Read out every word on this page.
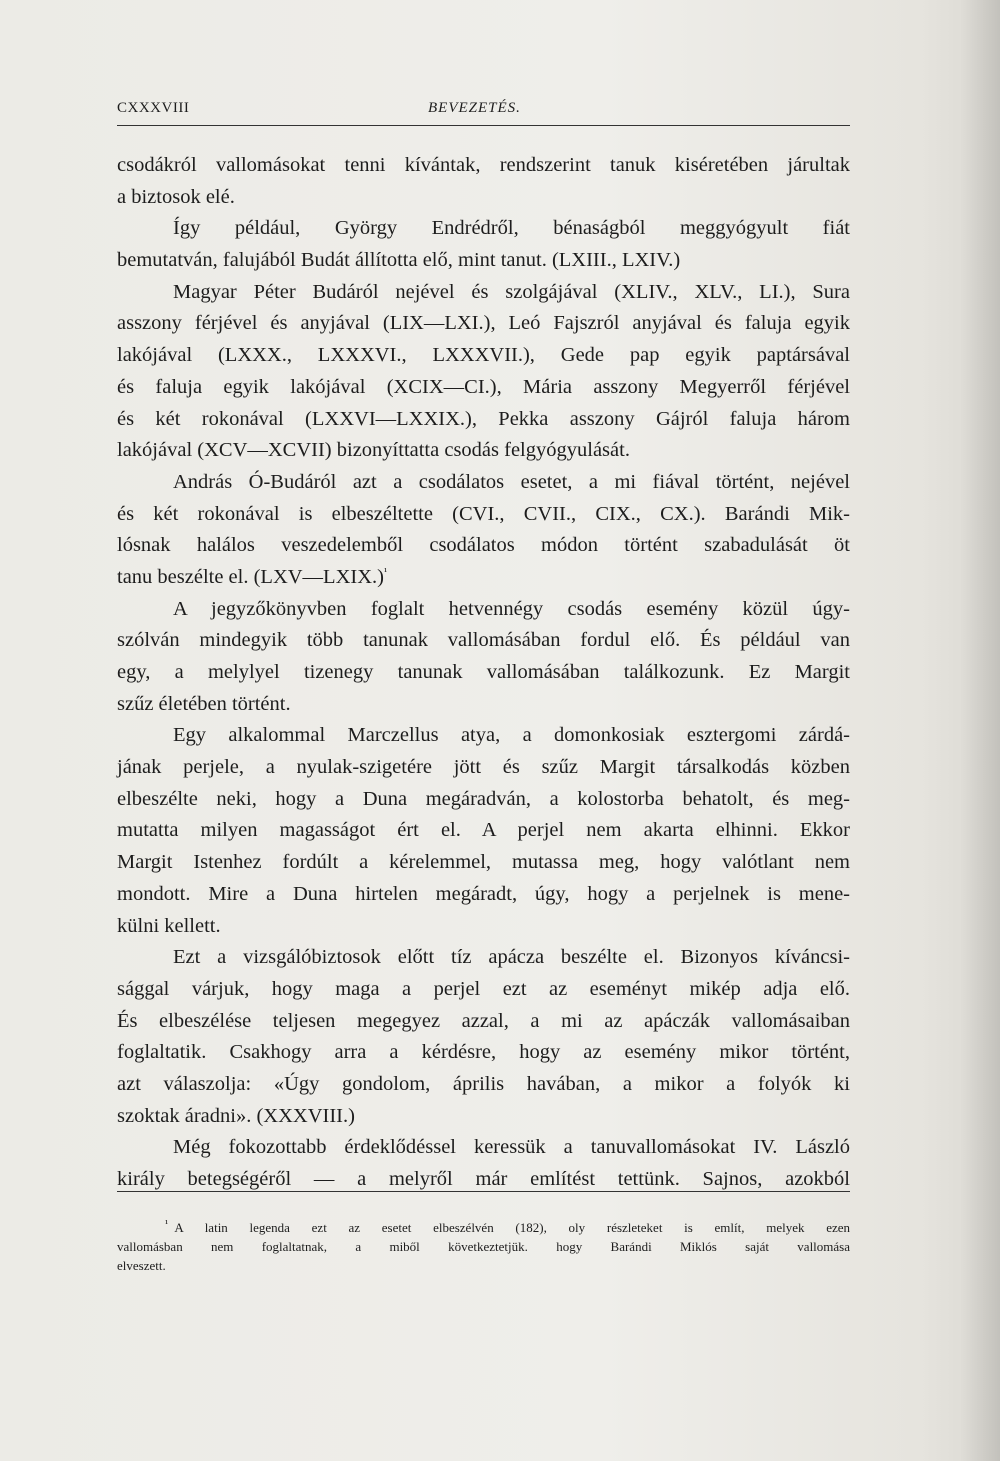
CXXXVIII	BEVEZETÉS.
csodákról vallomásokat tenni kívántak, rendszerint tanuk kiséretében járultak
a biztosok elé.
Így például, György Endrédről, bénaságból meggyógyult fiát
bemutatván, falujából Budát állította elő, mint tanut. (LXIII., LXIV.)
Magyar Péter Budáról nejével és szolgájával (XLIV., XLV., LI.), Sura
asszony férjével és anyjával (LIX—LXI.), Leó Fajszról anyjával és faluja egyik
lakójával (LXXX., LXXXVI., LXXXVII.), Gede pap egyik paptársával
és faluja egyik lakójával (XCIX—CI.), Mária asszony Megyerről férjével
és két rokonával (LXXVI—LXXIX.), Pekka asszony Gájról faluja három
lakójával (XCV—XCVII) bizonyíttatta csodás felgyógyulását.
András Ó-Budáról azt a csodálatos esetet, a mi fiával történt, nejével
és két rokonával is elbeszéltette (CVI., CVII., CIX., CX.). Barándi Mik-
lósnak halálos veszedelemből csodálatos módon történt szabadulását öt
tanu beszélte el. (LXV—LXIX.)$^{^1}$
A jegyzőkönyvben foglalt hetvennégy csodás esemény közül úgy-
szólván mindegyik több tanunak vallomásában fordul elő. És például van
egy, a melylyel tizenegy tanunak vallomásában találkozunk. Ez Margit
szűz életében történt.
Egy alkalommal Marczellus atya, a domonkosiak esztergomi zárdá-
jának perjele, a nyulak-szigetére jött és szűz Margit társalkodás közben
elbeszélte neki, hogy a Duna megáradván, a kolostorba behatolt, és meg-
mutatta milyen magasságot ért el. A perjel nem akarta elhinni. Ekkor
Margit Istenhez fordúlt a kérelemmel, mutassa meg, hogy valótlant nem
mondott. Mire a Duna hirtelen megáradt, úgy, hogy a perjelnek is mene-
külni kellett.
Ezt a vizsgálóbiztosok előtt tíz apácza beszélte el. Bizonyos kíváncsi-
sággal várjuk, hogy maga a perjel ezt az eseményt mikép adja elő.
És elbeszélése teljesen megegyez azzal, a mi az apáczák vallomásaiban
foglaltatik. Csakhogy arra a kérdésre, hogy az esemény mikor történt,
azt válaszolja: «Úgy gondolom, április havában, a mikor a folyók ki
szoktak áradni». (XXXVIII.)
Még fokozottabb érdeklődéssel keressük a tanuvallomásokat IV. László
király betegségéről — a melyről már említést tettünk. Sajnos, azokból
$^{^1}$ A latin legenda ezt az esetet elbeszélvén (182), oly részleteket is említ, melyek ezen
vallomásban nem foglaltatnak, a miből következtetjük. hogy Barándi Miklós saját vallomása
elveszett.
